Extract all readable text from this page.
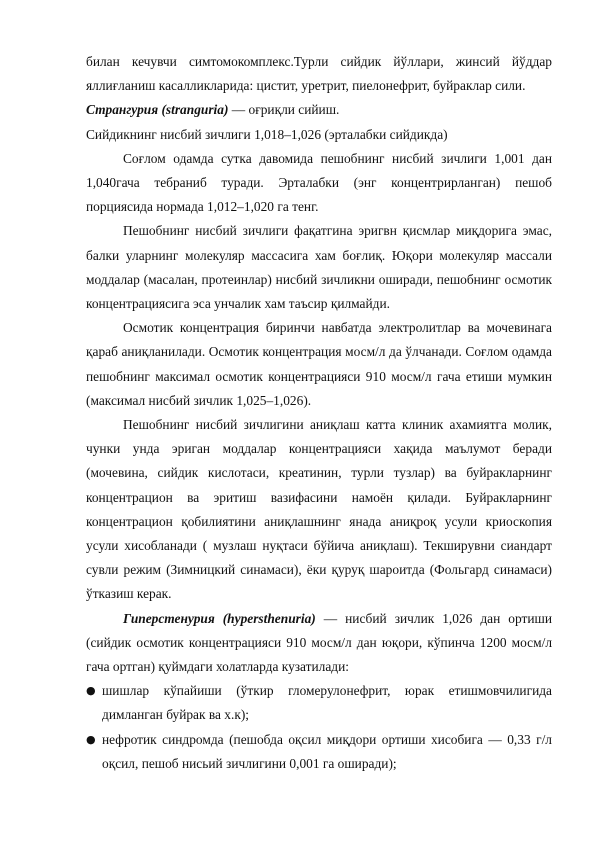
билан кечувчи симтомокомплекс.Турли сийдик йўллари, жинсий йўддар яллиғланиш касалликларида: цистит, уретрит, пиелонефрит, буйраклар сили.

Странгурия (stranguria) — оғриқли сийиш.

Сийдикнинг нисбий зичлиги 1,018–1,026 (эрталабки сийдикда)

Соғлом одамда сутка давомида пешобнинг нисбий зичлиги 1,001 дан 1,040гача тебраниб туради. Эрталабки (энг концентрирланган) пешоб порциясида нормада 1,012–1,020 га тенг.

Пешобнинг нисбий зичлиги фақатгина эригвн қисмлар миқдорига эмас, балки уларнинг молекуляр массасига хам боғлиқ. Юқори молекуляр массали моддалар (масалан, протеинлар) нисбий зичликни оширади, пешобнинг осмотик концентрациясига эса унчалик хам таъсир қилмайди.

Осмотик концентрация биринчи навбатда электролитлар ва мочевинага қараб аниқланилади. Осмотик концентрация мосм/л да ўлчанади. Соғлом одамда пешобнинг максимал осмотик концентрацияси 910 мосм/л гача етиши мумкин (максимал нисбий зичлик 1,025–1,026).

Пешобнинг нисбий зичлигини аниқлаш катта клиник ахамиятга молик, чунки унда эриган моддалар концентрацияси хақида маълумот беради (мочевина, сийдик кислотаси, креатинин, турли тузлар) ва буйракларнинг концентрацион ва эритиш вазифасини намоён қилади. Буйракларнинг концентрацион қобилиятини аниқлашнинг янада аниқроқ усули криоскопия усули хисобланади ( музлаш нуқтаси бўйича аниқлаш). Текширувни сиандарт сувли режим (Зимницкий синамаси), ёки қуруқ шароитда (Фольгард синамаси) ўтказиш керак.

Гиперстенурия (hypersthenuria) — нисбий зичлик 1,026 дан ортиши (сийдик осмотик концентрацияси 910 мосм/л дан юқори, кўпинча 1200 мосм/л гача ортган) қуймдаги холатларда кузатилади:

● шишлар кўпайиши (ўткир гломерулонефрит, юрак етишмовчилигида димланган буйрак ва х.к);
● нефротик синдромда (пешобда оқсил миқдори ортиши хисобига — 0,33 г/л оқсил, пешоб нисьий зичлигини 0,001 га оширади);
